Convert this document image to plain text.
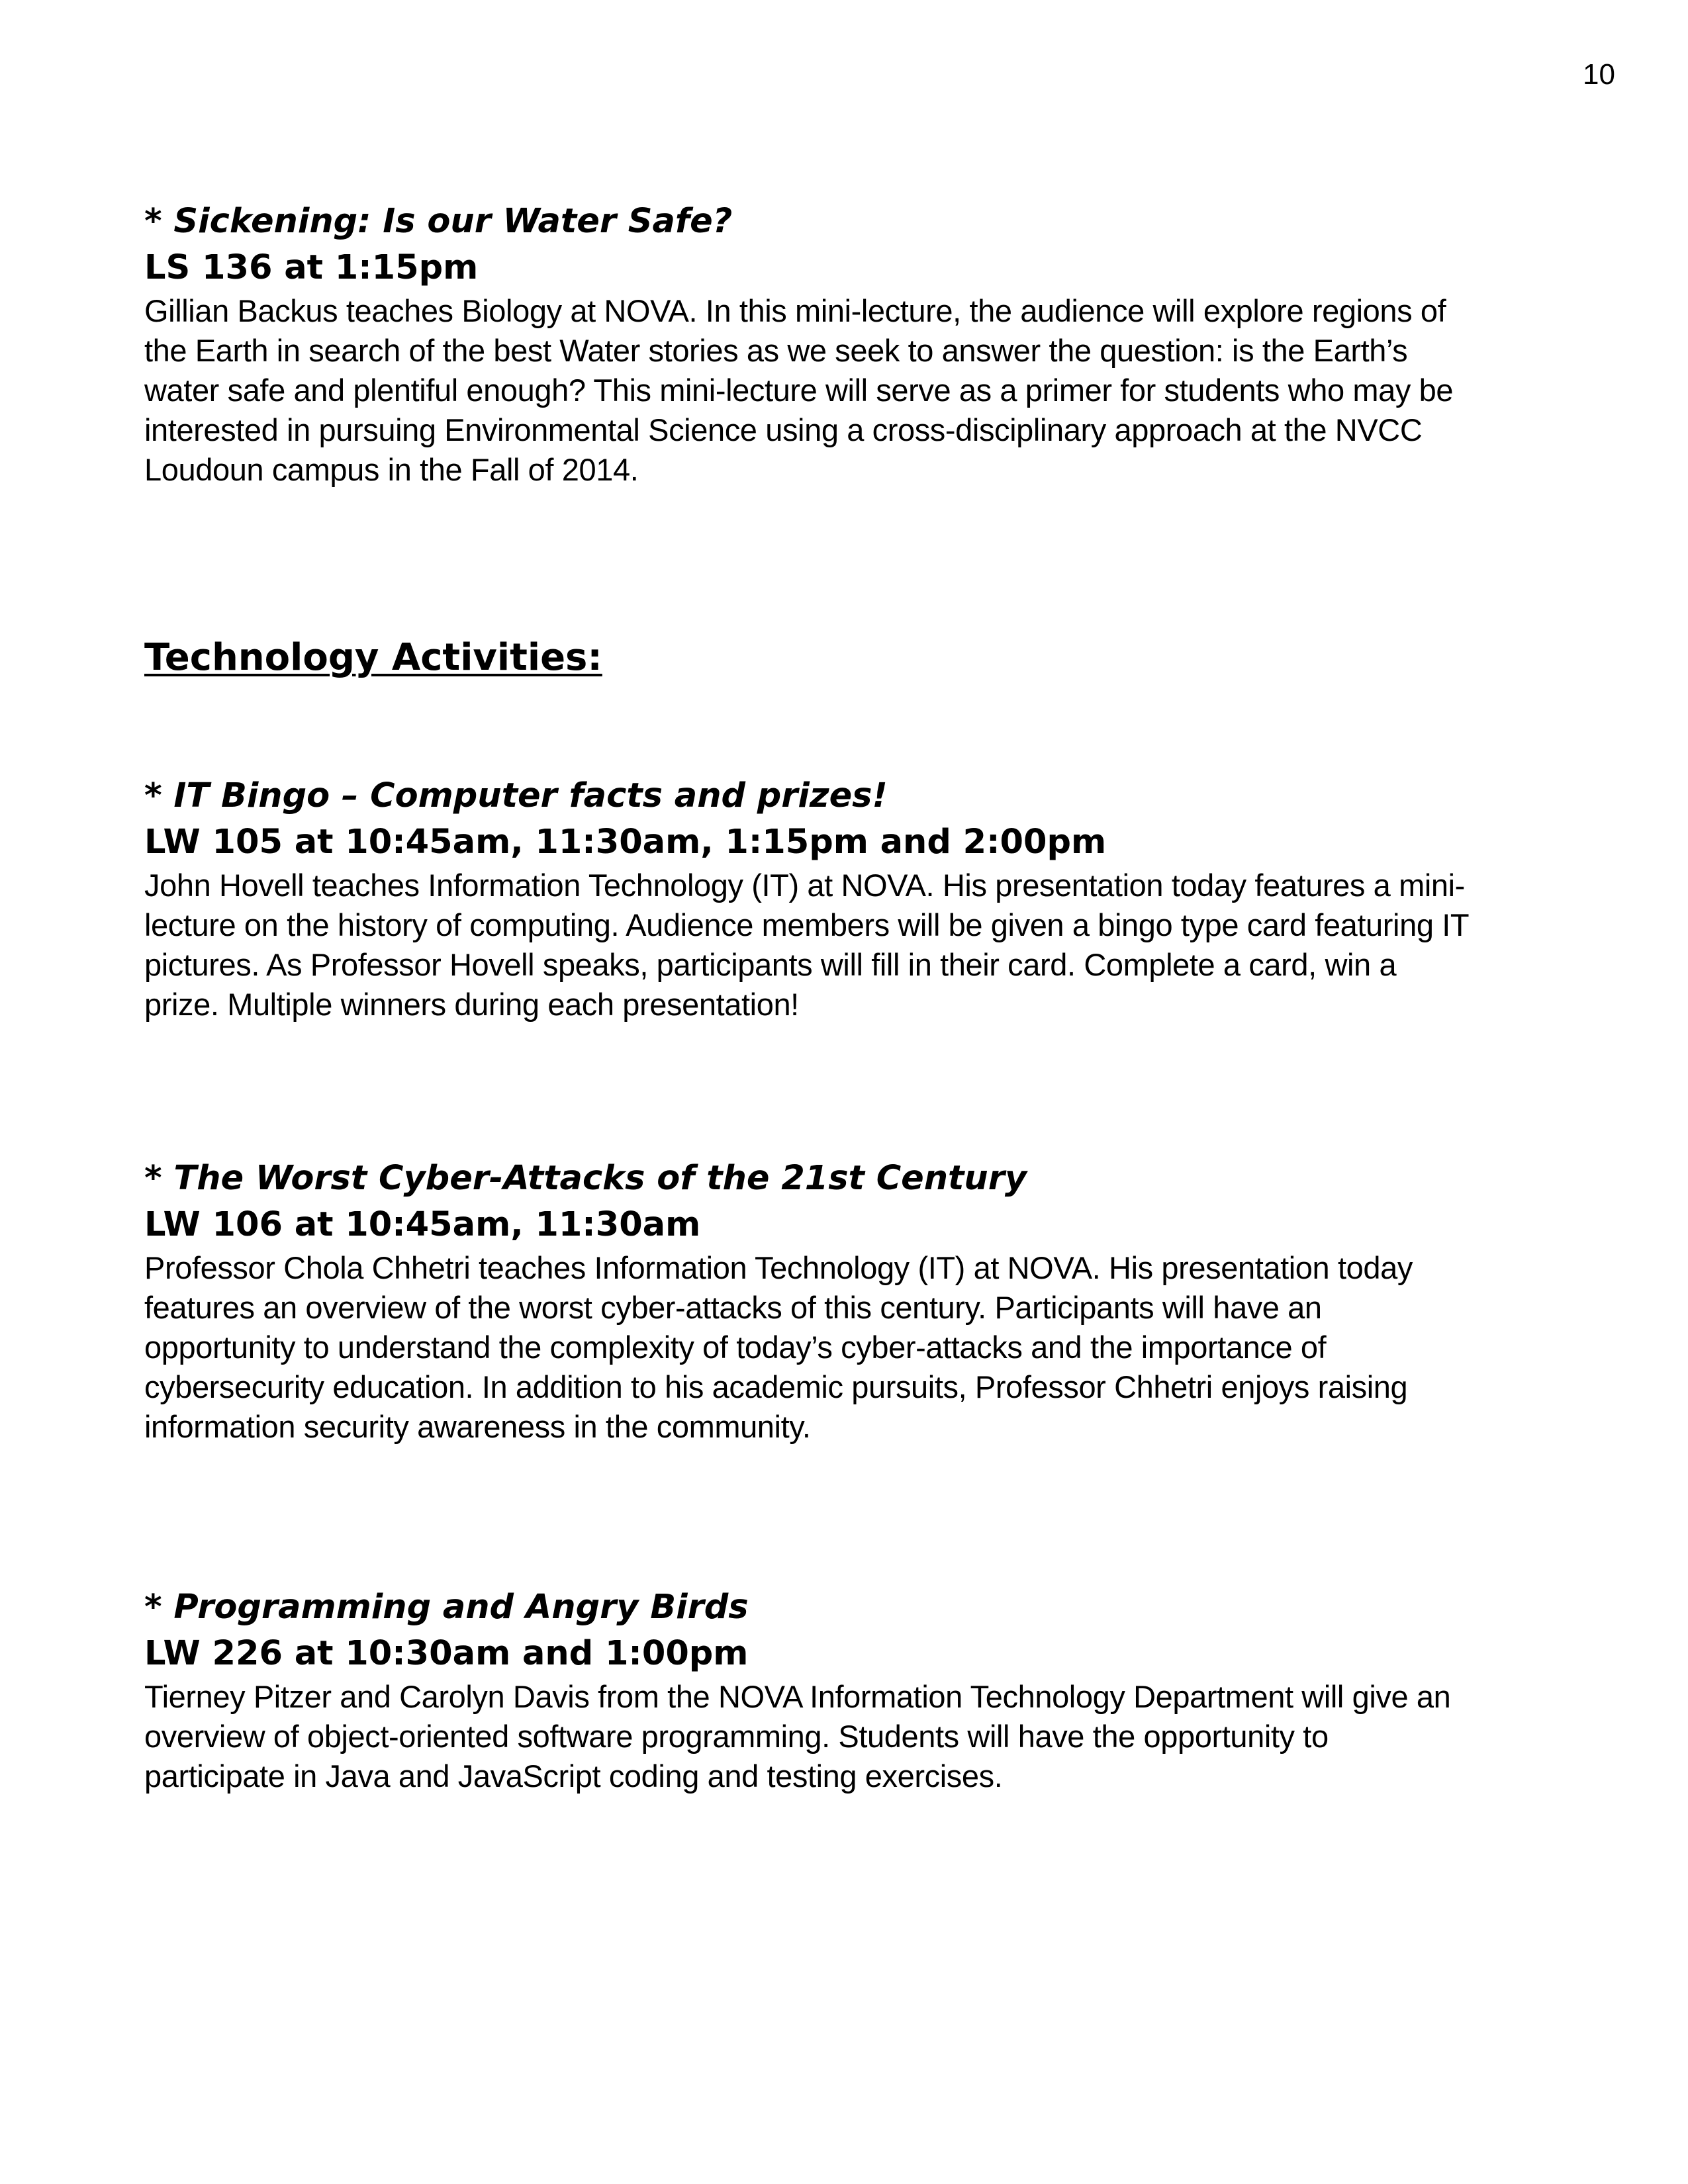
10

* Sickening: Is our Water Safe?

LS 136 at 1:15pm

Gillian Backus teaches Biology at NOVA. In this mini-lecture, the audience will explore regions of
the Earth in search of the best Water stories as we seek to answer the question: is the Earth’s
water safe and plentiful enough? This mini-lecture will serve as a primer for students who may be
interested in pursuing Environmental Science using a cross-disciplinary approach at the NVCC
Loudoun campus in the Fall of 2014.

Technology Activities:

* IT Bingo – Computer facts and prizes!

LW 105 at 10:45am, 11:30am, 1:15pm and 2:00pm

John Hovell teaches Information Technology (IT) at NOVA. His presentation today features a mini-
lecture on the history of computing. Audience members will be given a bingo type card featuring IT
pictures. As Professor Hovell speaks, participants will fill in their card. Complete a card, win a
prize. Multiple winners during each presentation!

* The Worst Cyber-Attacks of the 21st Century

LW 106 at 10:45am, 11:30am

Professor Chola Chhetri teaches Information Technology (IT) at NOVA. His presentation today
features an overview of the worst cyber-attacks of this century. Participants will have an
opportunity to understand the complexity of today’s cyber-attacks and the importance of
cybersecurity education. In addition to his academic pursuits, Professor Chhetri enjoys raising
information security awareness in the community.

* Programming and Angry Birds

LW 226 at 10:30am and 1:00pm

Tierney Pitzer and Carolyn Davis from the NOVA Information Technology Department will give an
overview of object-oriented software programming. Students will have the opportunity to
participate in Java and JavaScript coding and testing exercises.
